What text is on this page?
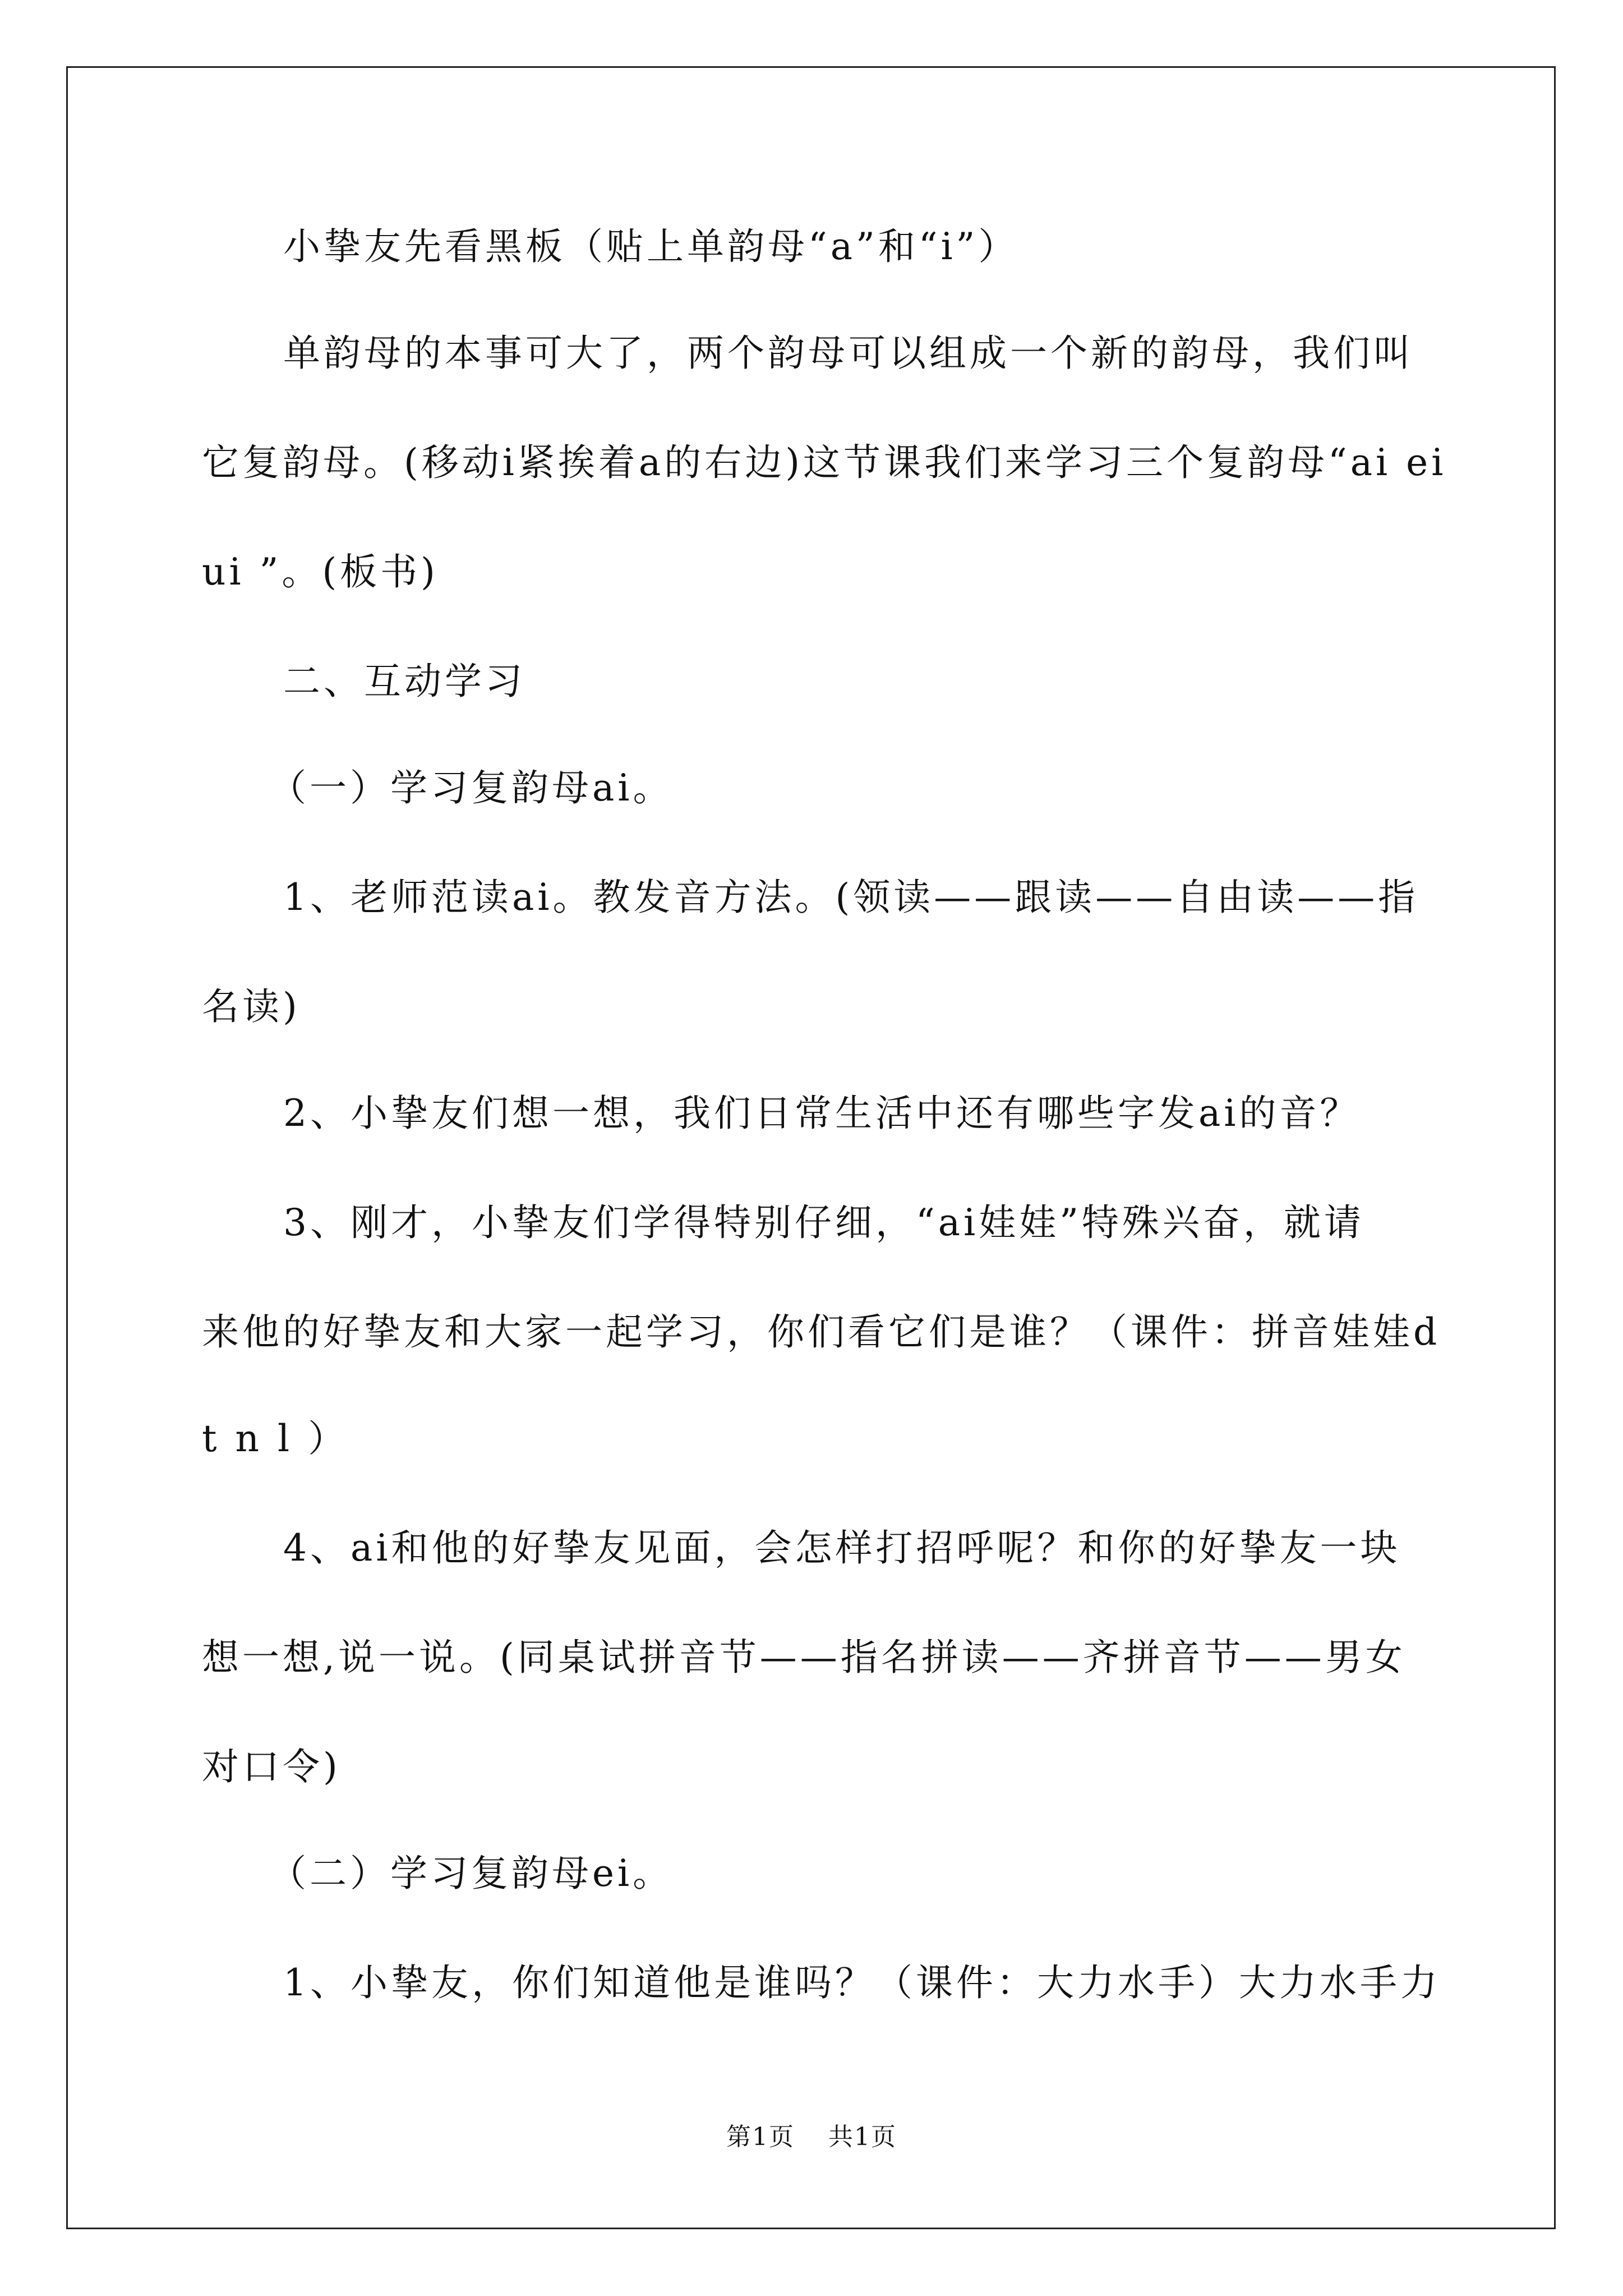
小挚友先看黑板（贴上单韵母“a”和“i”）
单韵母的本事可大了，两个韵母可以组成一个新的韵母，我们叫
它复韵母。(移动i紧挨着a的右边)这节课我们来学习三个复韵母“ai ei
ui ”。(板书)
二、互动学习
（一）学习复韵母ai。
1、老师范读ai。教发音方法。(领读——跟读——自由读——指
名读)
2、小挚友们想一想，我们日常生活中还有哪些字发ai的音？
3、刚才，小挚友们学得特别仔细，“ai娃娃”特殊兴奋，就请
来他的好挚友和大家一起学习，你们看它们是谁？（课件：拼音娃娃d
t n l ）
4、ai和他的好挚友见面，会怎样打招呼呢？和你的好挚友一块
想一想,说一说。(同桌试拼音节——指名拼读——齐拼音节——男女
对口令)
（二）学习复韵母ei。
1、小挚友，你们知道他是谁吗？（课件：大力水手）大力水手力
第1页 共1页
